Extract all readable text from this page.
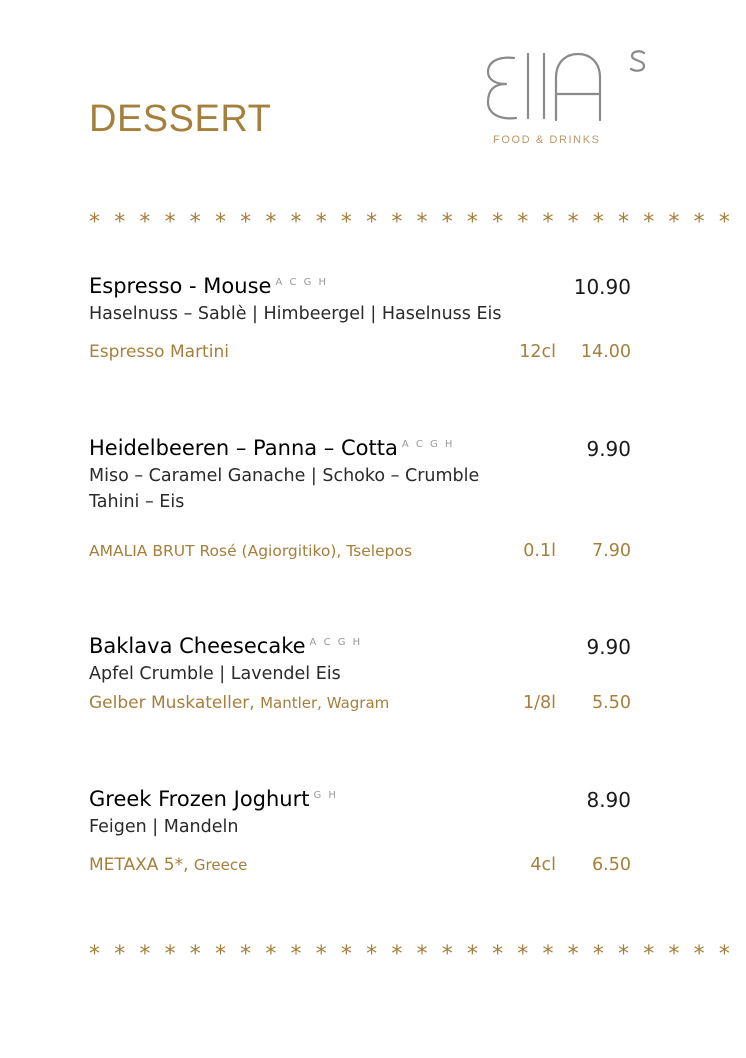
DESSERT	FOOD & DRINKS
* * * * * * * * * * * * * * * * * * * * * * * * * *
Espresso - Mouse $^{A C G H}$	10.90
Haselnuss – Sablè | Himbeergel | Haselnuss Eis
Espresso Martini	12cl 14.00
Heidelbeeren – Panna – Cotta $^{A C G H}$	9.90
Miso – Caramel Ganache | Schoko – Crumble
Tahini – Eis
AMALIA BRUT Rosé (Agiorgitiko), Tselepos	0.1l 7.90
Baklava Cheesecake $^{A C G H}$	9.90
Apfel Crumble | Lavendel Eis
Gelber Muskateller, Mantler, Wagram	1/8l 5.50
Greek Frozen Joghurt $^{G H}$	8.90
Feigen | Mandeln
METAXA 5*, Greece	4cl 6.50
* * * * * * * * * * * * * * * * * * * * * * * * * *
